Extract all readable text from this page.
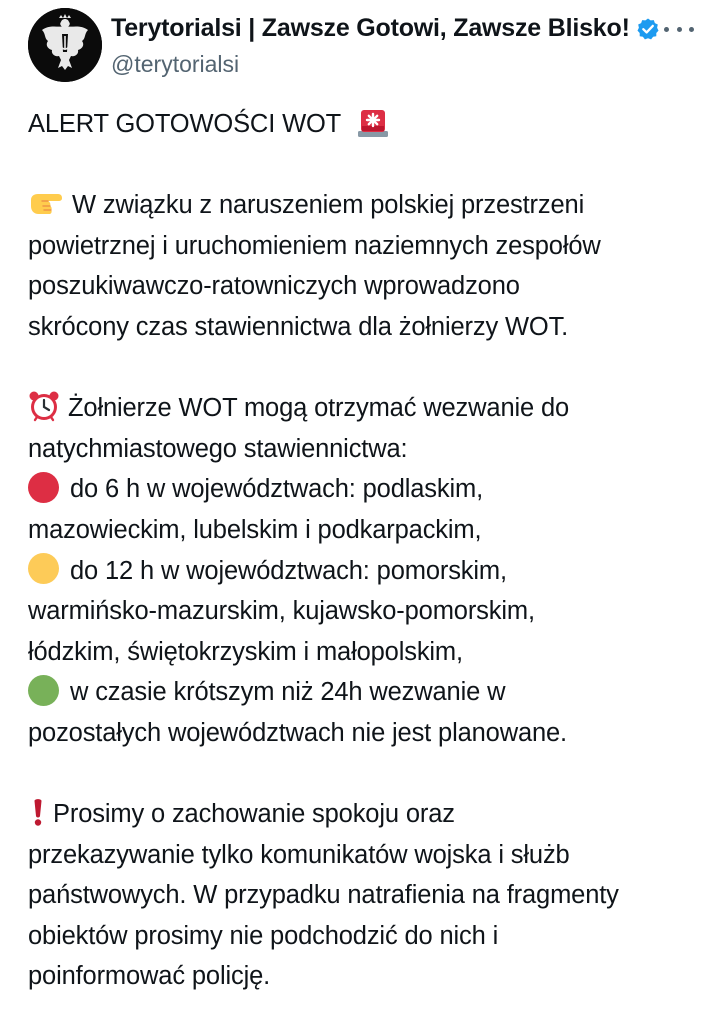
Terytorialsi | Zawsze Gotowi, Zawsze Blisko!
@terytorialsi
ALERT GOTOWOŚCI WOT
W związku z naruszeniem polskiej przestrzeni
powietrznej i uruchomieniem naziemnych zespołów
poszukiwawczo-ratowniczych wprowadzono
skrócony czas stawiennictwa dla żołnierzy WOT.
Żołnierze WOT mogą otrzymać wezwanie do
natychmiastowego stawiennictwa:
do 6 h w województwach: podlaskim,
mazowieckim, lubelskim i podkarpackim,
do 12 h w województwach: pomorskim,
warmińsko-mazurskim, kujawsko-pomorskim,
łódzkim, świętokrzyskim i małopolskim,
w czasie krótszym niż 24h wezwanie w
pozostałych województwach nie jest planowane.
Prosimy o zachowanie spokoju oraz
przekazywanie tylko komunikatów wojska i służb
państwowych. W przypadku natrafienia na fragmenty
obiektów prosimy nie podchodzić do nich i
poinformować policję.
